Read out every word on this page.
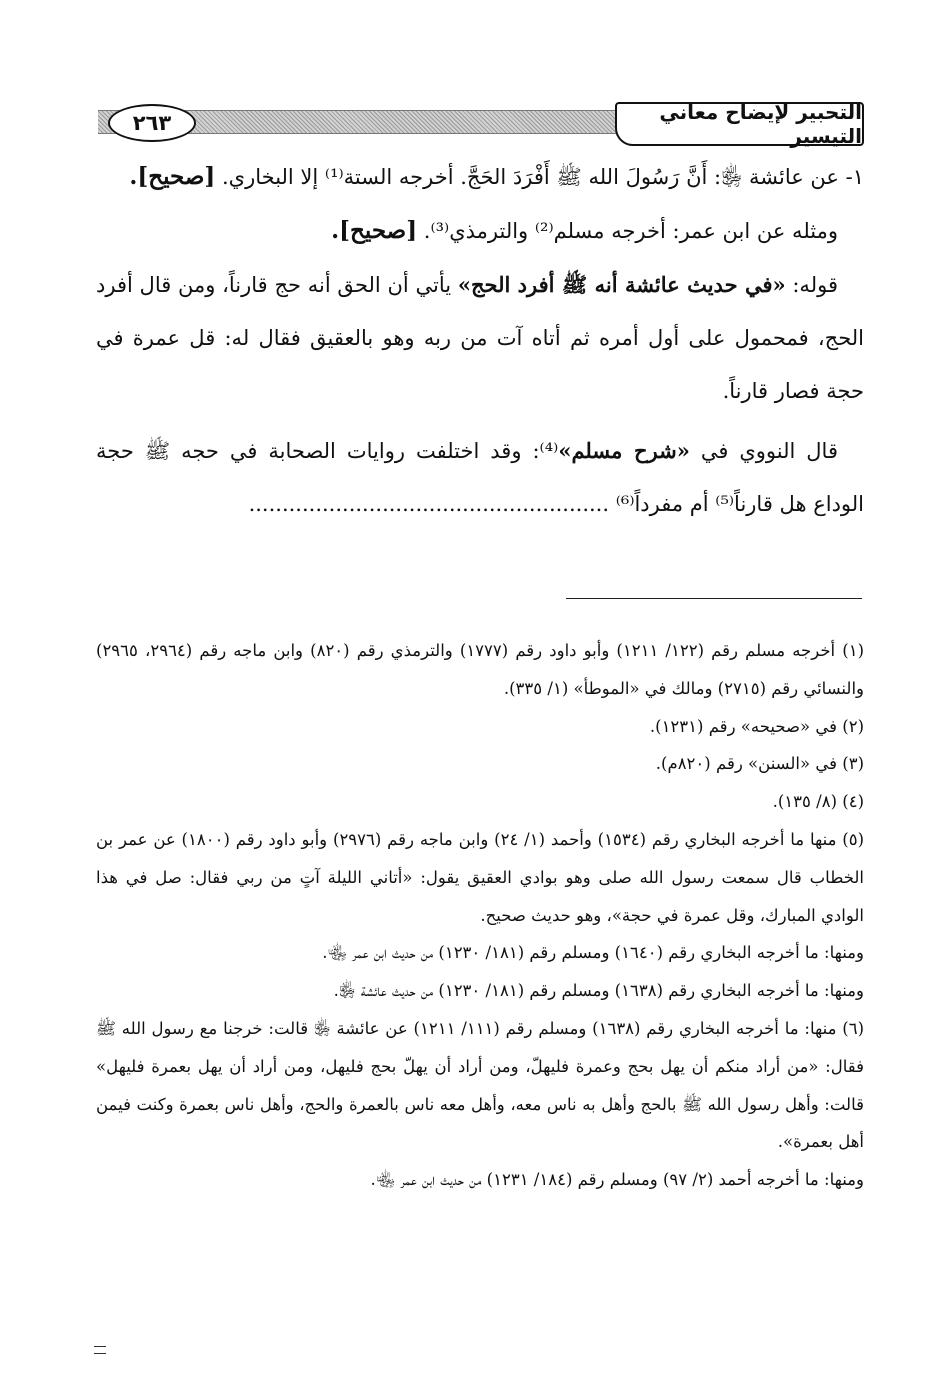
التحبير لإيضاح معاني التيسير
٢٦٣

١- عن عائشة ﵂: أَنَّ رَسُولَ الله ﷺ أَفْرَدَ الحَجَّ. أخرجه الستة⁽¹⁾ إلا البخاري. [صحيح].

ومثله عن ابن عمر: أخرجه مسلم⁽²⁾ والترمذي⁽³⁾. [صحيح].

قوله: «في حديث عائشة أنه ﷺ أفرد الحج» يأتي أن الحق أنه حج قارناً، ومن قال أفرد الحج، فمحمول على أول أمره ثم أتاه آت من ربه وهو بالعقيق فقال له: قل عمرة في حجة فصار قارناً.

قال النووي في «شرح مسلم»⁽⁴⁾: وقد اختلفت روايات الصحابة في حجه ﷺ حجة الوداع هل قارناً⁽⁵⁾ أم مفرداً⁽⁶⁾ ......................................................

(١) أخرجه مسلم رقم (١٢٢/ ١٢١١) وأبو داود رقم (١٧٧٧) والترمذي رقم (٨٢٠) وابن ماجه رقم (٢٩٦٤، ٢٩٦٥) والنسائي رقم (٢٧١٥) ومالك في «الموطأ» (١/ ٣٣٥).

(٢) في «صحيحه» رقم (١٢٣١).

(٣) في «السنن» رقم (٨٢٠م).

(٤) (٨/ ١٣٥).

(٥) منها ما أخرجه البخاري رقم (١٥٣٤) وأحمد (١/ ٢٤) وابن ماجه رقم (٢٩٧٦) وأبو داود رقم (١٨٠٠) عن عمر بن الخطاب قال سمعت رسول الله صلى وهو بوادي العقيق يقول: «أتاني الليلة آتٍ من ربي فقال: صل في هذا الوادي المبارك، وقل عمرة في حجة»، وهو حديث صحيح.

ومنها: ما أخرجه البخاري رقم (١٦٤٠) ومسلم رقم (١٨١/ ١٢٣٠) من حديث ابن عمر ﵄.

ومنها: ما أخرجه البخاري رقم (١٦٣٨) ومسلم رقم (١٨١/ ١٢٣٠) من حديث عائشة ﵂.

(٦) منها: ما أخرجه البخاري رقم (١٦٣٨) ومسلم رقم (١١١/ ١٢١١) عن عائشة ﵂ قالت: خرجنا مع رسول الله ﷺ فقال: «من أراد منكم أن يهل بحج وعمرة فليهلّ، ومن أراد أن يهلّ بحج فليهل، ومن أراد أن يهل بعمرة فليهل» قالت: وأهل رسول الله ﷺ بالحج وأهل به ناس معه، وأهل معه ناس بالعمرة والحج، وأهل ناس بعمرة وكنت فيمن أهل بعمرة».

ومنها: ما أخرجه أحمد (٢/ ٩٧) ومسلم رقم (١٨٤/ ١٢٣١) من حديث ابن عمر ﵄.
